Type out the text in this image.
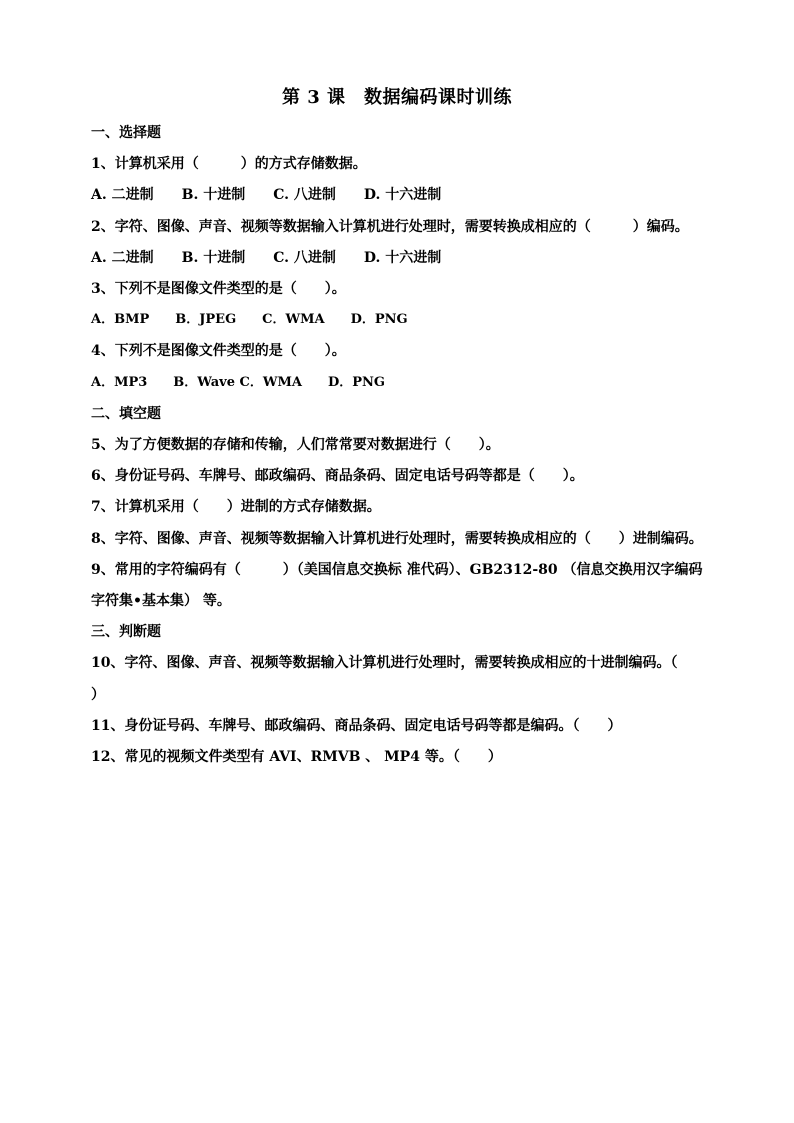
第 3 课　数据编码课时训练
一、选择题
1、计算机采用（　　　）的方式存储数据。
A. 二进制　　B. 十进制　　C. 八进制　　D. 十六进制
2、字符、图像、声音、视频等数据输入计算机进行处理时，需要转换成相应的（　　　）编码。
A. 二进制　　B. 十进制　　C. 八进制　　D. 十六进制
3、下列不是图像文件类型的是（　　）。
A．BMP　　B．JPEG　　C．WMA　　D．PNG
4、下列不是图像文件类型的是（　　）。
A．MP3　　B．Wave C．WMA　　D．PNG
二、填空题
5、为了方便数据的存储和传输，人们常常要对数据进行（　　）。
6、身份证号码、车牌号、邮政编码、商品条码、固定电话号码等都是（　　）。
7、计算机采用（　　）进制的方式存储数据。
8、字符、图像、声音、视频等数据输入计算机进行处理时，需要转换成相应的（　　）进制编码。
9、常用的字符编码有（　　　）（美国信息交换标 准代码）、GB2312-80 （信息交换用汉字编码
字符集•基本集） 等。
三、判断题
10、字符、图像、声音、视频等数据输入计算机进行处理时，需要转换成相应的十进制编码。（
）
11、身份证号码、车牌号、邮政编码、商品条码、固定电话号码等都是编码。（　　）
12、常见的视频文件类型有 AVI、RMVB 、 MP4 等。（　　）
